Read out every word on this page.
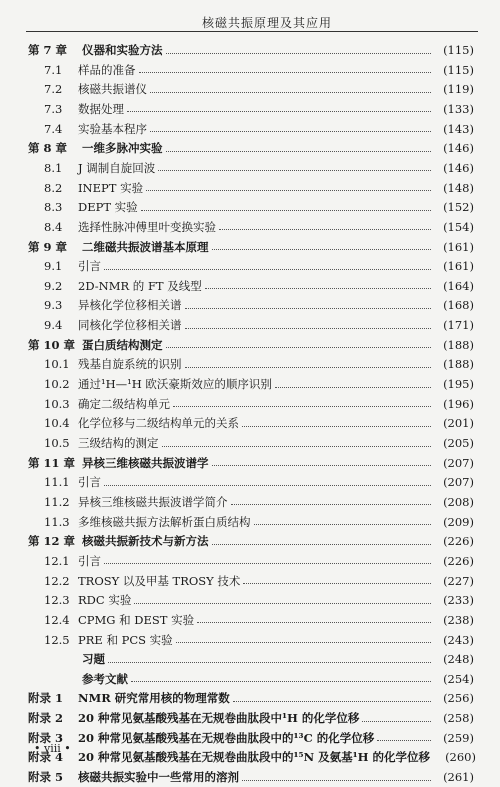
核磁共振原理及其应用
第 7 章	仪器和实验方法	(115)
7.1	样品的准备	(115)
7.2	核磁共振谱仪	(119)
7.3	数据处理	(133)
7.4	实验基本程序	(143)
第 8 章	一维多脉冲实验	(146)
8.1	J 调制自旋回波	(146)
8.2	INEPT 实验	(148)
8.3	DEPT 实验	(152)
8.4	选择性脉冲傅里叶变换实验	(154)
第 9 章	二维磁共振波谱基本原理	(161)
9.1	引言	(161)
9.2	2D-NMR 的 FT 及线型	(164)
9.3	异核化学位移相关谱	(168)
9.4	同核化学位移相关谱	(171)
第 10 章 蛋白质结构测定	(188)
10.1 残基自旋系统的识别	(188)
10.2 通过¹H—¹H 欧沃豪斯效应的顺序识别	(195)
10.3 确定二级结构单元	(196)
10.4 化学位移与二级结构单元的关系	(201)
10.5 三级结构的测定	(205)
第 11 章 异核三维核磁共振波谱学	(207)
11.1 引言	(207)
11.2 异核三维核磁共振波谱学简介	(208)
11.3 多维核磁共振方法解析蛋白质结构	(209)
第 12 章 核磁共振新技术与新方法	(226)
12.1 引言	(226)
12.2 TROSY 以及甲基 TROSY 技术	(227)
12.3 RDC 实验	(233)
12.4 CPMG 和 DEST 实验	(238)
12.5 PRE 和 PCS 实验	(243)
习题	(248)
参考文献	(254)
附录 1	NMR 研究常用核的物理常数	(256)
附录 2	20 种常见氨基酸残基在无规卷曲肽段中¹H 的化学位移	(258)
附录 3	20 种常见氨基酸残基在无规卷曲肽段中的¹³C 的化学位移	(259)
附录 4	20 种常见氨基酸残基在无规卷曲肽段中的¹⁵N 及氨基¹H 的化学位移	(260)
附录 5	核磁共振实验中一些常用的溶剂	(261)
• viii •
